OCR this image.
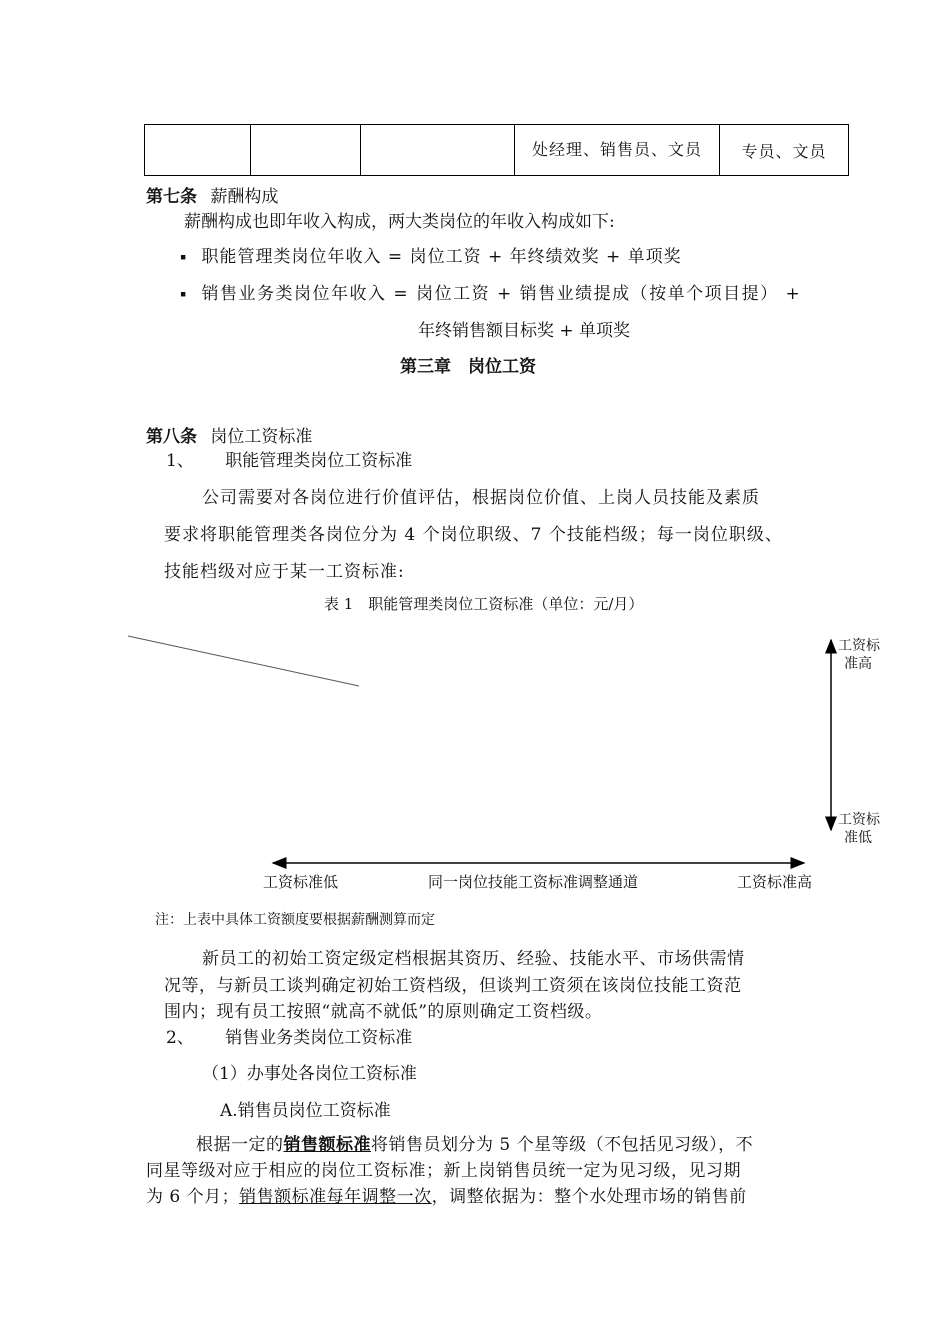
			处经理、销售员、文员	专员、文员
第七条 薪酬构成
薪酬构成也即年收入构成，两大类岗位的年收入构成如下:
▪ 职能管理类岗位年收入 = 岗位工资 + 年终绩效奖 + 单项奖
▪ 销售业务类岗位年收入 = 岗位工资 + 销售业绩提成（按单个项目提） +
年终销售额目标奖 + 单项奖
第三章　岗位工资
第八条 岗位工资标准
1、 职能管理类岗位工资标准
公司需要对各岗位进行价值评估，根据岗位价值、上岗人员技能及素质
要求将职能管理类各岗位分为 4 个岗位职级、7 个技能档级；每一岗位职级、
技能档级对应于某一工资标准:
表 1　职能管理类岗位工资标准（单位：元/月）
工资标
准高
工资标
准低
工资标准低	同一岗位技能工资标准调整通道	工资标准高
注：上表中具体工资额度要根据薪酬测算而定
新员工的初始工资定级定档根据其资历、经验、技能水平、市场供需情
况等，与新员工谈判确定初始工资档级，但谈判工资须在该岗位技能工资范
围内；现有员工按照“就高不就低”的原则确定工资档级。
2、 销售业务类岗位工资标准
（1）办事处各岗位工资标准
A.销售员岗位工资标准
根据一定的销售额标准将销售员划分为 5 个星等级（不包括见习级），不
同星等级对应于相应的岗位工资标准；新上岗销售员统一定为见习级，见习期
为 6 个月；销售额标准每年调整一次，调整依据为：整个水处理市场的销售前
